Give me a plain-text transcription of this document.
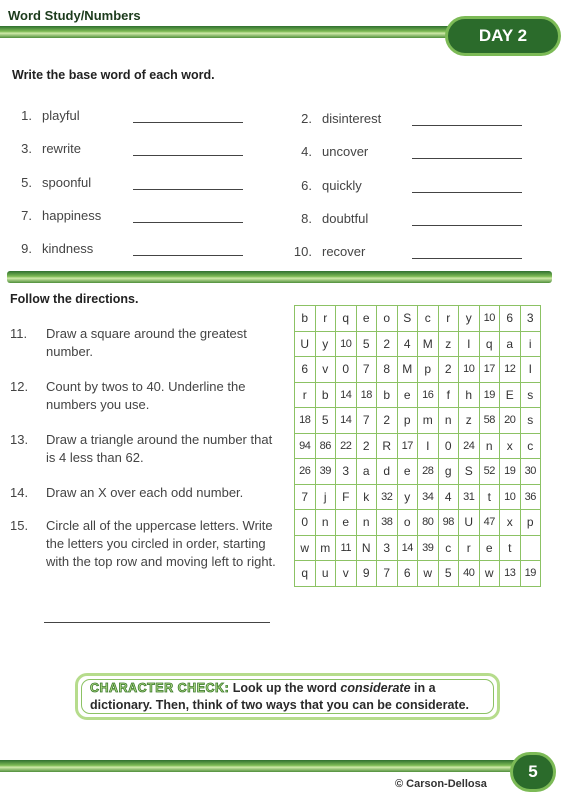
Word Study/Numbers
DAY 2
Write the base word of each word.
1. playful	2. disinterest
3. rewrite	4. uncover
5. spoonful	6. quickly
7. happiness	8. doubtful
9. kindness	10. recover
Follow the directions.
11.	Draw a square around the greatest number.
12.	Count by twos to 40. Underline the numbers you use.
13.	Draw a triangle around the number that is 4 less than 62.
14.	Draw an X over each odd number.
15.	Circle all of the uppercase letters. Write the letters you circled in order, starting with the top row and moving left to right.
b	r	q	e	o	S	c	r	y	10	6	3
U	y	10	5	2	4	M	z	I	q	a	i
6	v	0	7	8	M	p	2	10	17	12	I
r	b	14	18	b	e	16	f	h	19	E	s
18	5	14	7	2	p	m	n	z	58	20	s
94	86	22	2	R	17	I	0	24	n	x	c
26	39	3	a	d	e	28	g	S	52	19	30
7	j	F	k	32	y	34	4	31	t	10	36
0	n	e	n	38	o	80	98	U	47	x	p
w	m	11	N	3	14	39	c	r	e	t	
q	u	v	9	7	6	w	5	40	w	13	19
CHARACTER CHECK: Look up the word considerate in a dictionary. Then, think of two ways that you can be considerate.
© Carson-Dellosa
5
